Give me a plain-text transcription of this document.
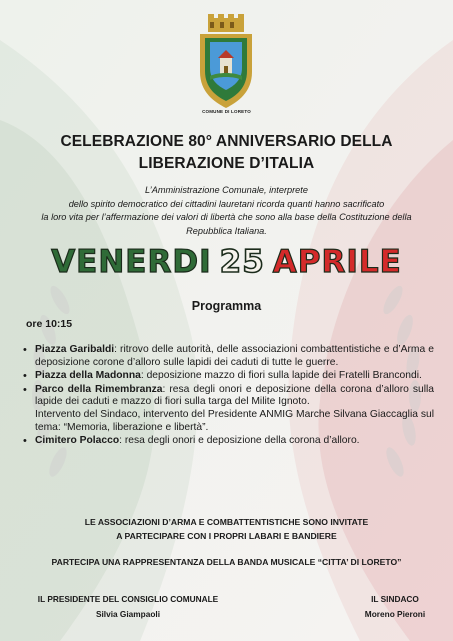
COMUNE DI LORETO
CELEBRAZIONE 80° ANNIVERSARIO DELLA
LIBERAZIONE D’ITALIA
L’Amministrazione Comunale, interprete
dello spirito democratico dei cittadini lauretani ricorda quanti hanno sacrificato
la loro vita per l’affermazione dei valori di libertà che sono alla base della Costituzione della
Repubblica Italiana.
VENERDI 25 APRILE
Programma
ore 10:15
• Piazza Garibaldi: ritrovo delle autorità, delle associazioni combattentistiche e d’Arma e deposizione corone d’alloro sulle lapidi dei caduti di tutte le guerre.
• Piazza della Madonna: deposizione mazzo di fiori sulla lapide dei Fratelli Brancondi.
• Parco della Rimembranza: resa degli onori e deposizione della corona d’alloro sulla lapide dei caduti e mazzo di fiori sulla targa del Milite Ignoto.
Intervento del Sindaco, intervento del Presidente ANMIG Marche Silvana Giaccaglia sul tema: “Memoria, liberazione e libertà”.
• Cimitero Polacco: resa degli onori e deposizione della corona d’alloro.
LE ASSOCIAZIONI D’ARMA E COMBATTENTISTICHE SONO INVITATE
A PARTECIPARE CON I PROPRI LABARI E BANDIERE
PARTECIPA UNA RAPPRESENTANZA DELLA BANDA MUSICALE “CITTA’ DI LORETO”
IL PRESIDENTE DEL CONSIGLIO COMUNALE
Silvia Giampaoli
IL SINDACO
Moreno Pieroni
